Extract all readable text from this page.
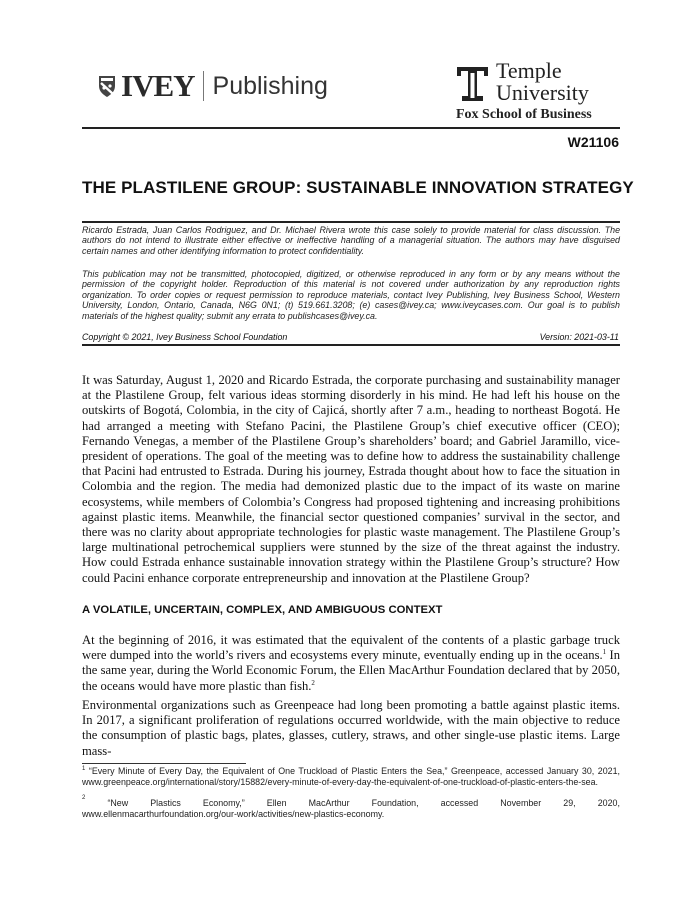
IVEY Publishing
Temple
University
Fox School of Business
W21106
THE PLASTILENE GROUP: SUSTAINABLE INNOVATION STRATEGY
Ricardo Estrada, Juan Carlos Rodriguez, and Dr. Michael Rivera wrote this case solely to provide material for class discussion. The authors do not intend to illustrate either effective or ineffective handling of a managerial situation. The authors may have disguised certain names and other identifying information to protect confidentiality.
This publication may not be transmitted, photocopied, digitized, or otherwise reproduced in any form or by any means without the permission of the copyright holder. Reproduction of this material is not covered under authorization by any reproduction rights organization. To order copies or request permission to reproduce materials, contact Ivey Publishing, Ivey Business School, Western University, London, Ontario, Canada, N6G 0N1; (t) 519.661.3208; (e) cases@ivey.ca; www.iveycases.com. Our goal is to publish materials of the highest quality; submit any errata to publishcases@ivey.ca.
Copyright © 2021, Ivey Business School Foundation	Version: 2021-03-11
It was Saturday, August 1, 2020 and Ricardo Estrada, the corporate purchasing and sustainability manager at the Plastilene Group, felt various ideas storming disorderly in his mind. He had left his house on the outskirts of Bogotá, Colombia, in the city of Cajicá, shortly after 7 a.m., heading to northeast Bogotá. He had arranged a meeting with Stefano Pacini, the Plastilene Group’s chief executive officer (CEO); Fernando Venegas, a member of the Plastilene Group’s shareholders’ board; and Gabriel Jaramillo, vice-president of operations. The goal of the meeting was to define how to address the sustainability challenge that Pacini had entrusted to Estrada. During his journey, Estrada thought about how to face the situation in Colombia and the region. The media had demonized plastic due to the impact of its waste on marine ecosystems, while members of Colombia’s Congress had proposed tightening and increasing prohibitions against plastic items. Meanwhile, the financial sector questioned companies’ survival in the sector, and there was no clarity about appropriate technologies for plastic waste management. The Plastilene Group’s large multinational petrochemical suppliers were stunned by the size of the threat against the industry. How could Estrada enhance sustainable innovation strategy within the Plastilene Group’s structure? How could Pacini enhance corporate entrepreneurship and innovation at the Plastilene Group?
A VOLATILE, UNCERTAIN, COMPLEX, AND AMBIGUOUS CONTEXT
At the beginning of 2016, it was estimated that the equivalent of the contents of a plastic garbage truck were dumped into the world’s rivers and ecosystems every minute, eventually ending up in the oceans.$^1$ In the same year, during the World Economic Forum, the Ellen MacArthur Foundation declared that by 2050, the oceans would have more plastic than fish.$^2$
Environmental organizations such as Greenpeace had long been promoting a battle against plastic items. In 2017, a significant proliferation of regulations occurred worldwide, with the main objective to reduce the consumption of plastic bags, plates, glasses, cutlery, straws, and other single-use plastic items. Large mass-
$^1$ “Every Minute of Every Day, the Equivalent of One Truckload of Plastic Enters the Sea,” Greenpeace, accessed January 30, 2021, www.greenpeace.org/international/story/15882/every-minute-of-every-day-the-equivalent-of-one-truckload-of-plastic-enters-the-sea.
2 “New Plastics Economy,” Ellen MacArthur Foundation, accessed November 29, 2020,
www.ellenmacarthurfoundation.org/our-work/activities/new-plastics-economy.
